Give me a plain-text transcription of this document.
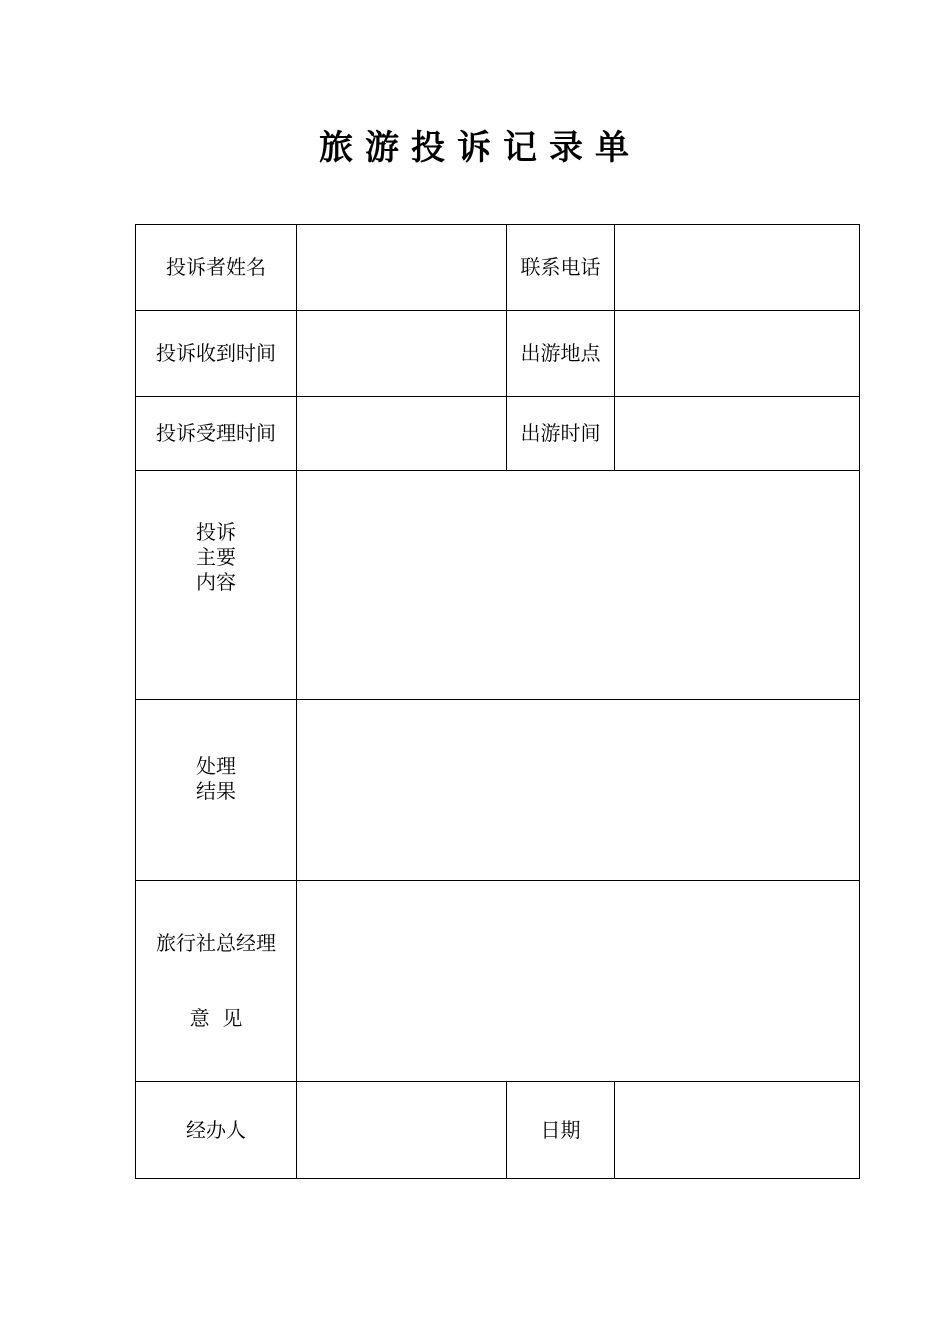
旅游投诉记录单
投诉者姓名		联系电话	

投诉收到时间		出游地点	

投诉受理时间		出游时间	

投诉
主要
内容			

处理
结果			

旅行社总经理

意  见			

经办人		日期	
